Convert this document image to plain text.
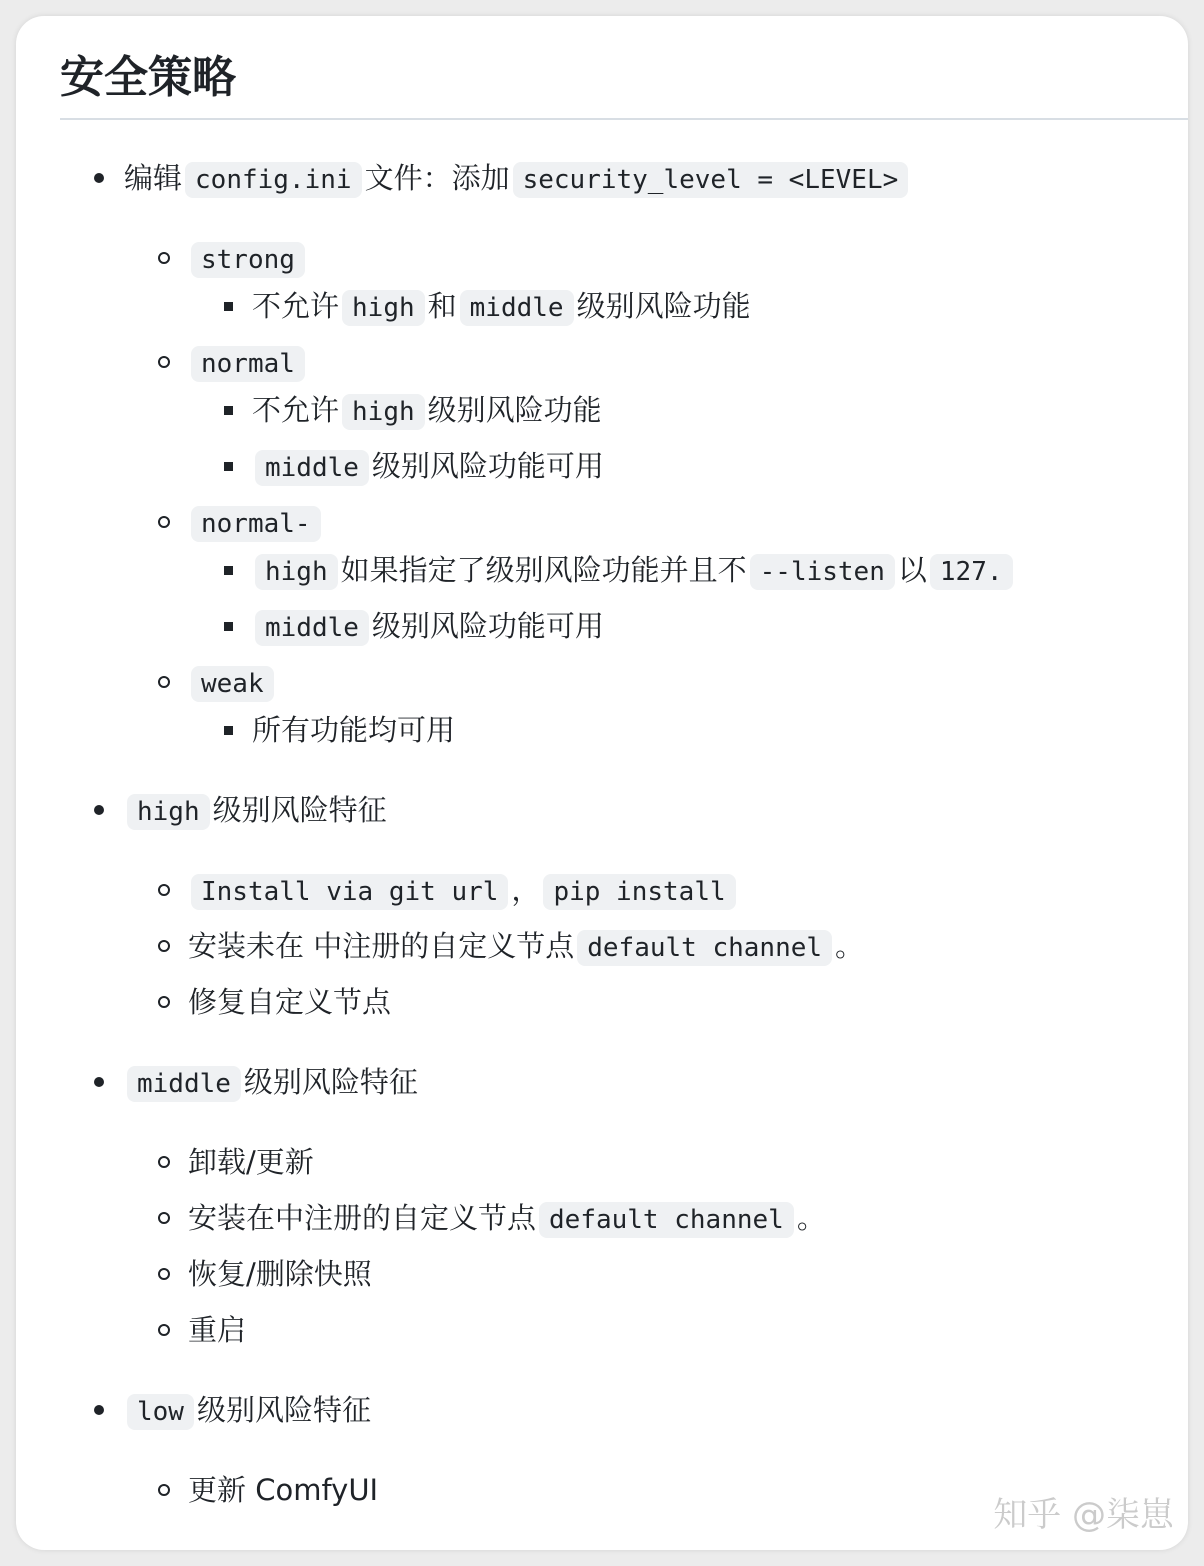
安全策略
编辑 config.ini 文件：添加 security_level = <LEVEL>
strong
不允许 high 和 middle 级别风险功能
normal
不允许 high 级别风险功能
middle 级别风险功能可用
normal-
high 如果指定了级别风险功能并且不 --listen 以 127.
middle 级别风险功能可用
weak
所有功能均可用
high 级别风险特征
Install via git url ， pip install
安装未在 中注册的自定义节点 default channel 。
修复自定义节点
middle 级别风险特征
卸载/更新
安装在中注册的自定义节点 default channel 。
恢复/删除快照
重启
low 级别风险特征
更新 ComfyUI
知乎 @柒崽
